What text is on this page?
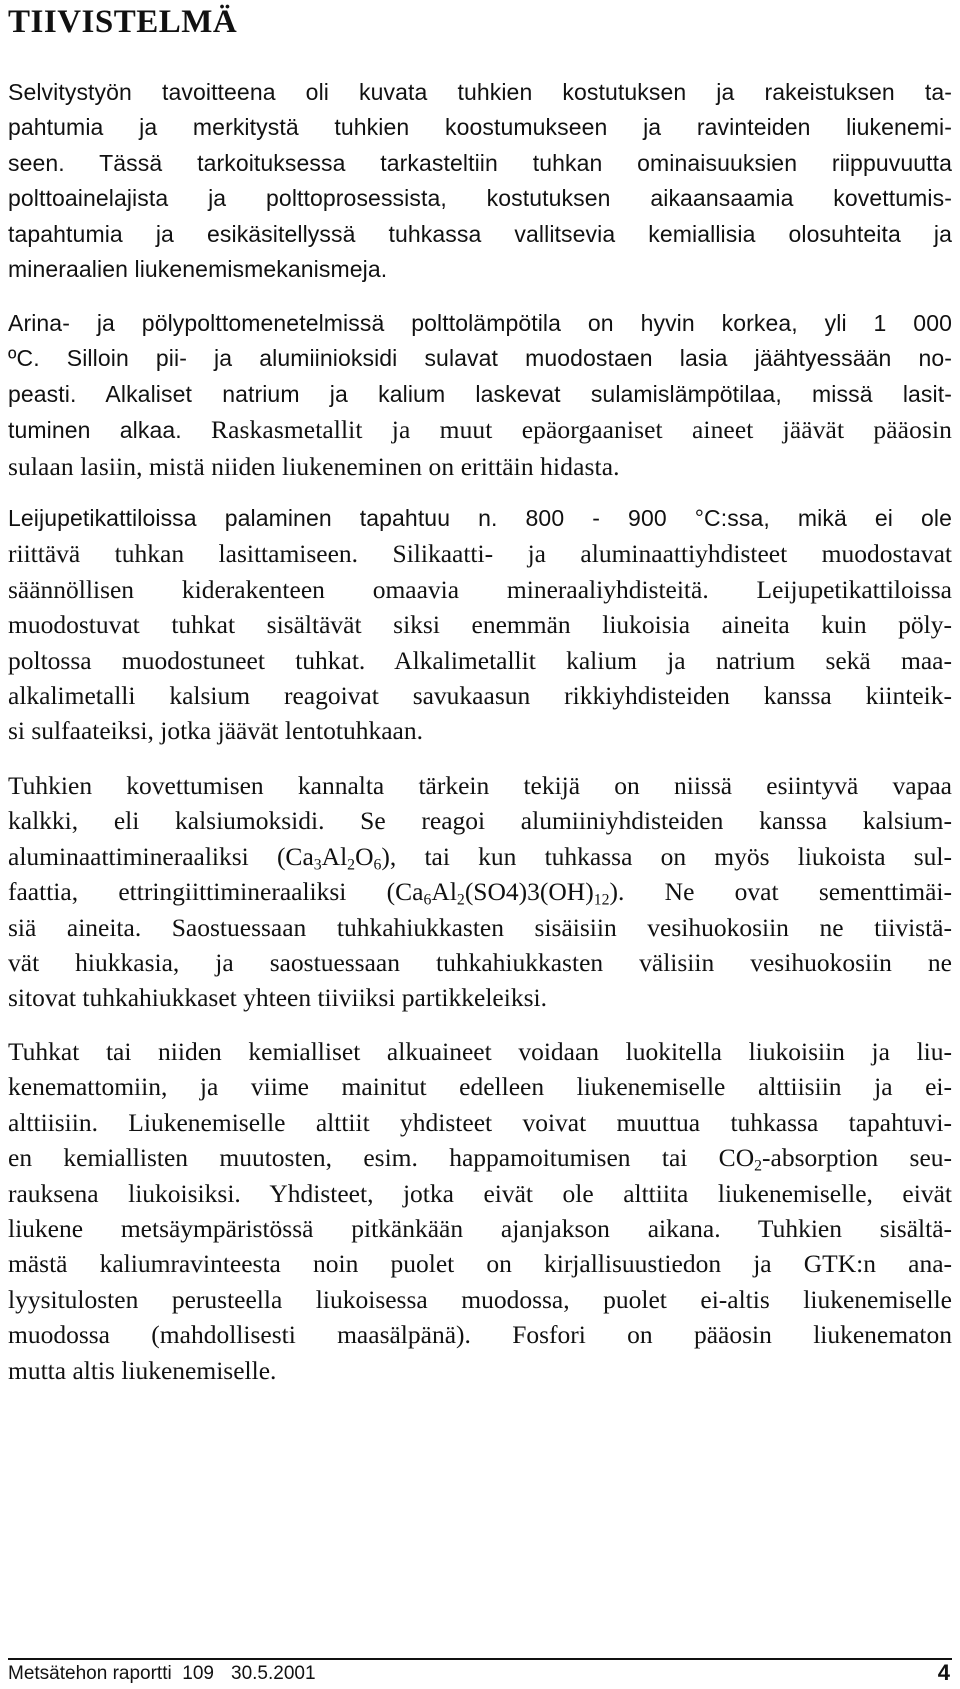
TIIVISTELMÄ
Selvitystyön tavoitteena oli kuvata tuhkien kostutuksen ja rakeistuksen ta-
pahtumia ja merkitystä tuhkien koostumukseen ja ravinteiden liukenemi-
seen. Tässä tarkoituksessa tarkasteltiin tuhkan ominaisuuksien riippuvuutta
polttoainelajista ja polttoprosessista, kostutuksen aikaansaamia kovettumis-
tapahtumia ja esikäsitellyssä tuhkassa vallitsevia kemiallisia olosuhteita ja
mineraalien liukenemismekanismeja.
Arina- ja pölypolttomenetelmissä polttolämpötila on hyvin korkea, yli 1 000
ºC. Silloin pii- ja alumiinioksidi sulavat muodostaen lasia jäähtyessään no-
peasti. Alkaliset natrium ja kalium laskevat sulamislämpötilaa, missä lasit-
tuminen alkaa. Raskasmetallit ja muut epäorgaaniset aineet jäävät pääosin
sulaan lasiin, mistä niiden liukeneminen on erittäin hidasta.
Leijupetikattiloissa palaminen tapahtuu n. 800 - 900 °C:ssa, mikä ei ole
riittävä tuhkan lasittamiseen. Silikaatti- ja aluminaattiyhdisteet muodostavat
säännöllisen kiderakenteen omaavia mineraaliyhdisteitä. Leijupetikattiloissa
muodostuvat tuhkat sisältävät siksi enemmän liukoisia aineita kuin pöly-
poltossa muodostuneet tuhkat. Alkalimetallit kalium ja natrium sekä maa-
alkalimetalli kalsium reagoivat savukaasun rikkiyhdisteiden kanssa kiinteik-
si sulfaateiksi, jotka jäävät lentotuhkaan.
Tuhkien kovettumisen kannalta tärkein tekijä on niissä esiintyvä vapaa
kalkki, eli kalsiumoksidi. Se reagoi alumiiniyhdisteiden kanssa kalsium-
aluminaattimineraaliksi $(Ca_3Al_2O_6)$, tai kun tuhkassa on myös liukoista sul-
faattia, ettringiittimineraaliksi $(Ca_6Al_2(SO4)3(OH)_{12})$. Ne ovat sementtimäi-
siä aineita. Saostuessaan tuhkahiukkasten sisäisiin vesihuokosiin ne tiivistä-
vät hiukkasia, ja saostuessaan tuhkahiukkasten välisiin vesihuokosiin ne
sitovat tuhkahiukkaset yhteen tiiviiksi partikkeleiksi.
Tuhkat tai niiden kemialliset alkuaineet voidaan luokitella liukoisiin ja liu-
kenemattomiin, ja viime mainitut edelleen liukenemiselle alttiisiin ja ei-
alttiisiin. Liukenemiselle alttiit yhdisteet voivat muuttua tuhkassa tapahtuvi-
en kemiallisten muutosten, esim. happamoitumisen tai $CO_2$-absorption seu-
rauksena liukoisiksi. Yhdisteet, jotka eivät ole alttiita liukenemiselle, eivät
liukene metsäympäristössä pitkänkään ajanjakson aikana. Tuhkien sisältä-
mästä kaliumravinteesta noin puolet on kirjallisuustiedon ja GTK:n ana-
lyysitulosten perusteella liukoisessa muodossa, puolet ei-altis liukenemiselle
muodossa (mahdollisesti maasälpänä). Fosfori on pääosin liukenematon
mutta altis liukenemiselle.
Metsätehon raportti  109 30.5.2001	4
